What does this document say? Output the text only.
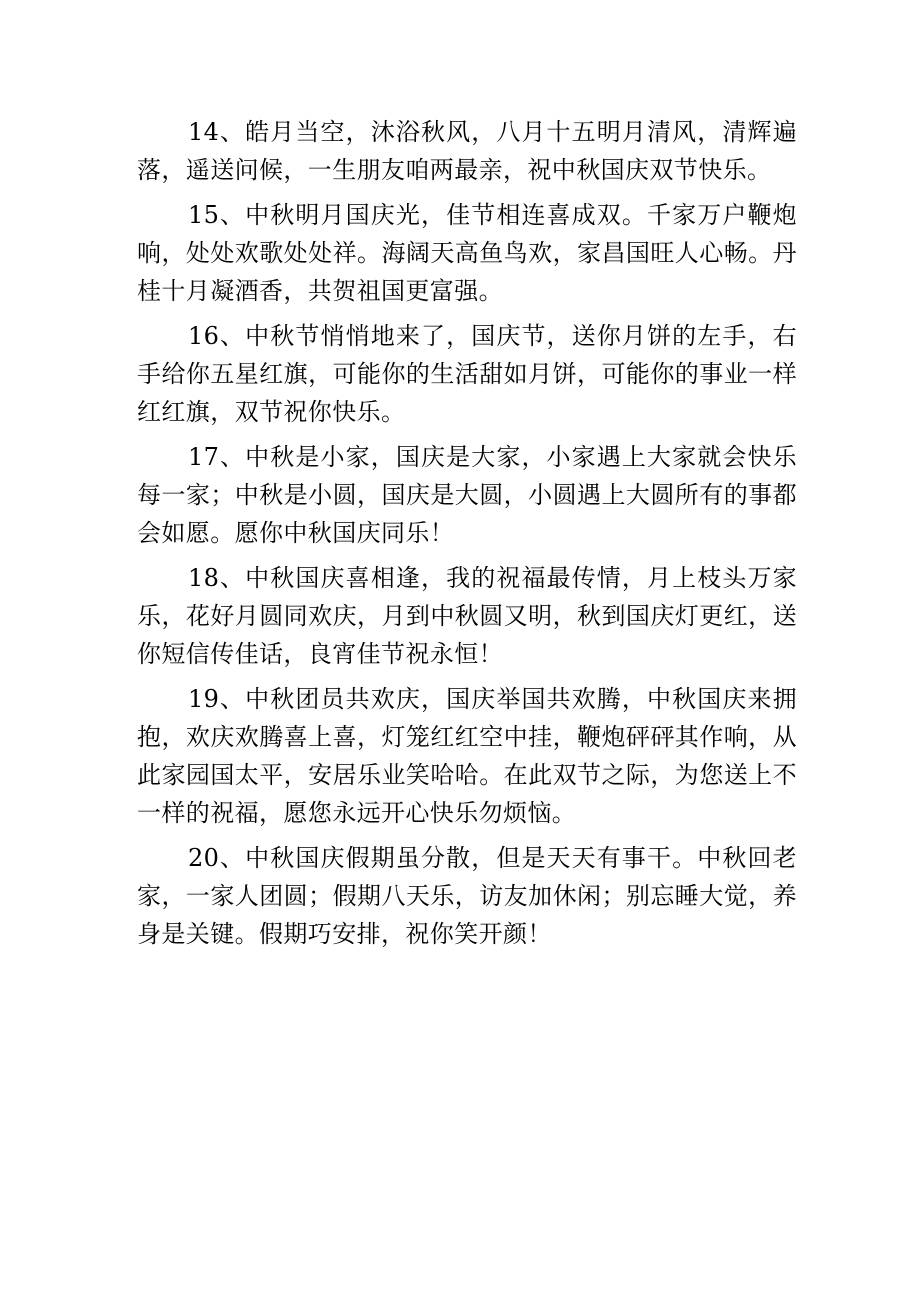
14、皓月当空，沐浴秋风，八月十五明月清风，清辉遍落，遥送问候，一生朋友咱两最亲，祝中秋国庆双节快乐。

15、中秋明月国庆光，佳节相连喜成双。千家万户鞭炮响，处处欢歌处处祥。海阔天高鱼鸟欢，家昌国旺人心畅。丹桂十月凝酒香，共贺祖国更富强。

16、中秋节悄悄地来了，国庆节，送你月饼的左手，右手给你五星红旗，可能你的生活甜如月饼，可能你的事业一样红红旗，双节祝你快乐。

17、中秋是小家，国庆是大家，小家遇上大家就会快乐每一家；中秋是小圆，国庆是大圆，小圆遇上大圆所有的事都会如愿。愿你中秋国庆同乐！

18、中秋国庆喜相逢，我的祝福最传情，月上枝头万家乐，花好月圆同欢庆，月到中秋圆又明，秋到国庆灯更红，送你短信传佳话，良宵佳节祝永恒！

19、中秋团员共欢庆，国庆举国共欢腾，中秋国庆来拥抱，欢庆欢腾喜上喜，灯笼红红空中挂，鞭炮砰砰其作响，从此家园国太平，安居乐业笑哈哈。在此双节之际，为您送上不一样的祝福，愿您永远开心快乐勿烦恼。

20、中秋国庆假期虽分散，但是天天有事干。中秋回老家，一家人团圆；假期八天乐，访友加休闲；别忘睡大觉，养身是关键。假期巧安排，祝你笑开颜！
